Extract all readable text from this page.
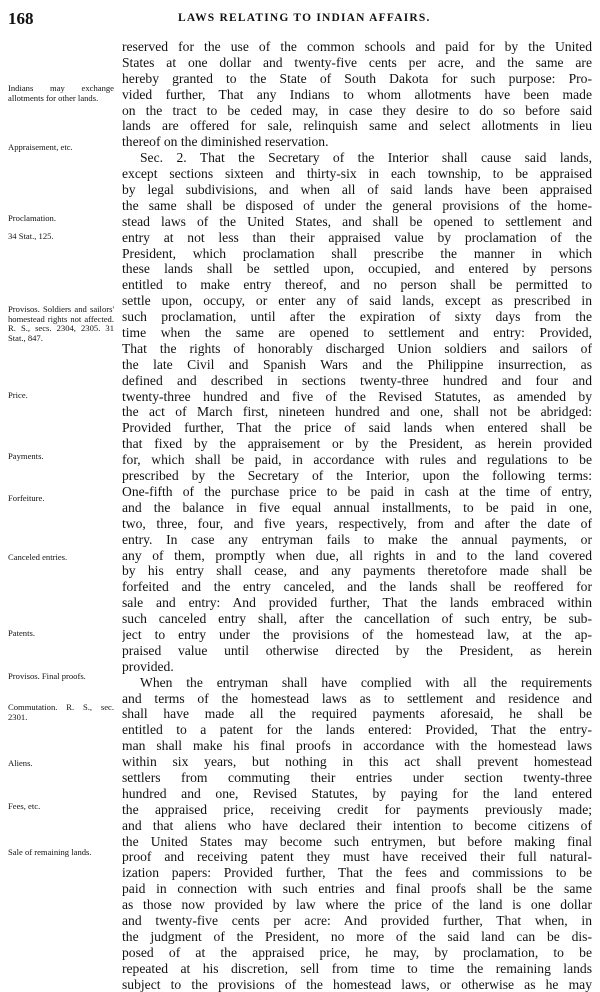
168	LAWS RELATING TO INDIAN AFFAIRS.
Indians may exchange allotments for other lands.
Appraisement, etc.
Proclamation.
34 Stat., 125.
Provisos. Soldiers and sailors' homestead rights not affected. R. S., secs. 2304, 2305. 31 Stat., 847.
Price.
Payments.
Forfeiture.
Canceled entries.
Patents.
Provisos. Final proofs.
Commutation. R. S., sec. 2301.
Aliens.
Fees, etc.
Sale of remaining lands.
reserved for the use of the common schools and paid for by the United
States at one dollar and twenty-five cents per acre, and the same are
hereby granted to the State of South Dakota for such purpose: Pro-
vided further, That any Indians to whom allotments have been made
on the tract to be ceded may, in case they desire to do so before said
lands are offered for sale, relinquish same and select allotments in lieu
thereof on the diminished reservation.
Sec. 2. That the Secretary of the Interior shall cause said lands,
except sections sixteen and thirty-six in each township, to be appraised
by legal subdivisions, and when all of said lands have been appraised
the same shall be disposed of under the general provisions of the home-
stead laws of the United States, and shall be opened to settlement and
entry at not less than their appraised value by proclamation of the
President, which proclamation shall prescribe the manner in which
these lands shall be settled upon, occupied, and entered by persons
entitled to make entry thereof, and no person shall be permitted to
settle upon, occupy, or enter any of said lands, except as prescribed in
such proclamation, until after the expiration of sixty days from the
time when the same are opened to settlement and entry: Provided,
That the rights of honorably discharged Union soldiers and sailors of
the late Civil and Spanish Wars and the Philippine insurrection, as
defined and described in sections twenty-three hundred and four and
twenty-three hundred and five of the Revised Statutes, as amended by
the act of March first, nineteen hundred and one, shall not be abridged:
Provided further, That the price of said lands when entered shall be
that fixed by the appraisement or by the President, as herein provided
for, which shall be paid, in accordance with rules and regulations to be
prescribed by the Secretary of the Interior, upon the following terms:
One-fifth of the purchase price to be paid in cash at the time of entry,
and the balance in five equal annual installments, to be paid in one,
two, three, four, and five years, respectively, from and after the date of
entry. In case any entryman fails to make the annual payments, or
any of them, promptly when due, all rights in and to the land covered
by his entry shall cease, and any payments theretofore made shall be
forfeited and the entry canceled, and the lands shall be reoffered for
sale and entry: And provided further, That the lands embraced within
such canceled entry shall, after the cancellation of such entry, be sub-
ject to entry under the provisions of the homestead law, at the ap-
praised value until otherwise directed by the President, as herein
provided.
When the entryman shall have complied with all the requirements
and terms of the homestead laws as to settlement and residence and
shall have made all the required payments aforesaid, he shall be
entitled to a patent for the lands entered: Provided, That the entry-
man shall make his final proofs in accordance with the homestead laws
within six years, but nothing in this act shall prevent homestead
settlers from commuting their entries under section twenty-three
hundred and one, Revised Statutes, by paying for the land entered
the appraised price, receiving credit for payments previously made;
and that aliens who have declared their intention to become citizens of
the United States may become such entrymen, but before making final
proof and receiving patent they must have received their full natural-
ization papers: Provided further, That the fees and commissions to be
paid in connection with such entries and final proofs shall be the same
as those now provided by law where the price of the land is one dollar
and twenty-five cents per acre: And provided further, That when, in
the judgment of the President, no more of the said land can be dis-
posed of at the appraised price, he may, by proclamation, to be
repeated at his discretion, sell from time to time the remaining lands
subject to the provisions of the homestead laws, or otherwise as he may
